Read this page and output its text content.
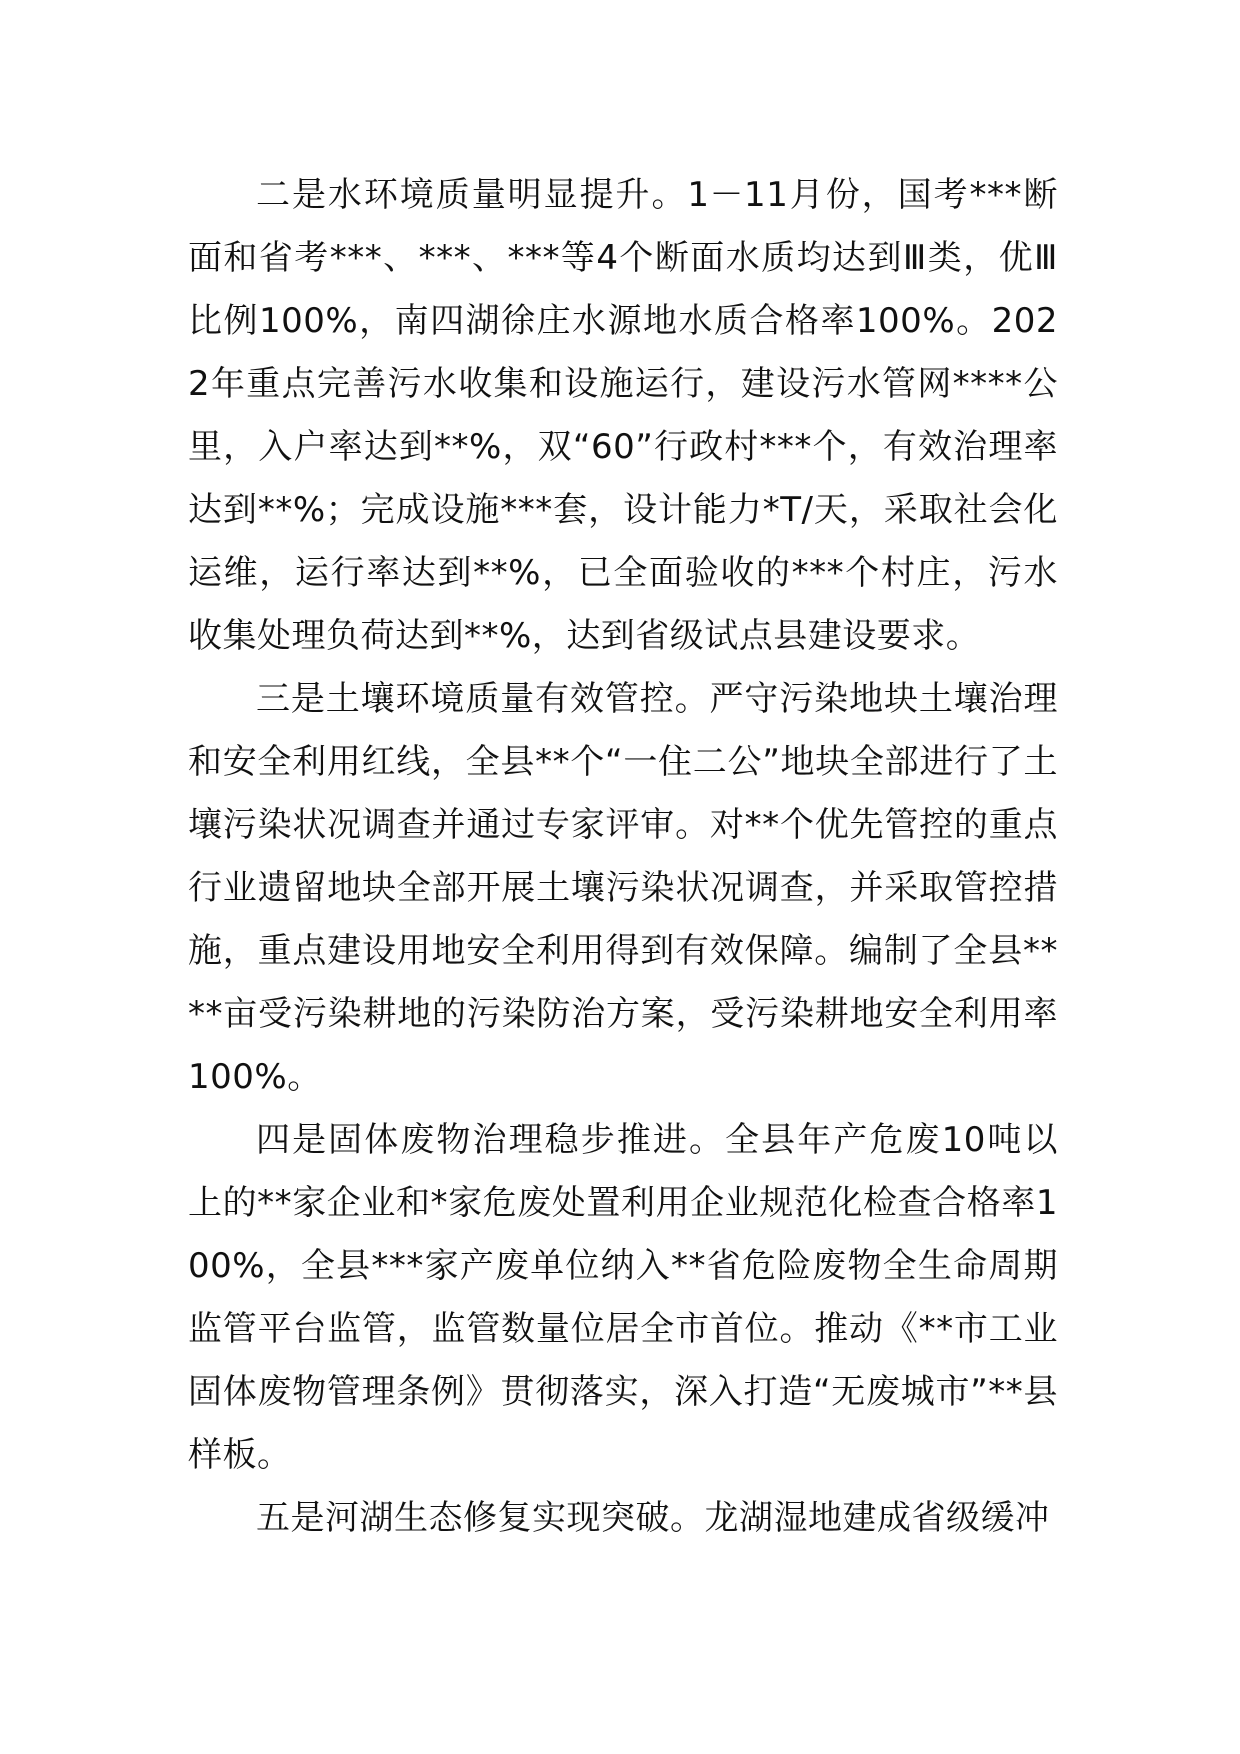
二是水环境质量明显提升。1－11月份，国考***断面和省考***、***、***等4个断面水质均达到Ⅲ类，优Ⅲ比例100%，南四湖徐庄水源地水质合格率100%。2022年重点完善污水收集和设施运行，建设污水管网****公里，入户率达到**%，双“60”行政村***个，有效治理率达到**%；完成设施***套，设计能力*T/天，采取社会化运维，运行率达到**%，已全面验收的***个村庄，污水收集处理负荷达到**%，达到省级试点县建设要求。

三是土壤环境质量有效管控。严守污染地块土壤治理和安全利用红线，全县**个“一住二公”地块全部进行了土壤污染状况调查并通过专家评审。对**个优先管控的重点行业遗留地块全部开展土壤污染状况调查，并采取管控措施，重点建设用地安全利用得到有效保障。编制了全县****亩受污染耕地的污染防治方案，受污染耕地安全利用率100%。

四是固体废物治理稳步推进。全县年产危废10吨以上的**家企业和*家危废处置利用企业规范化检查合格率100%，全县***家产废单位纳入**省危险废物全生命周期监管平台监管，监管数量位居全市首位。推动《**市工业固体废物管理条例》贯彻落实，深入打造“无废城市”**县样板。

五是河湖生态修复实现突破。龙湖湿地建成省级缓冲
